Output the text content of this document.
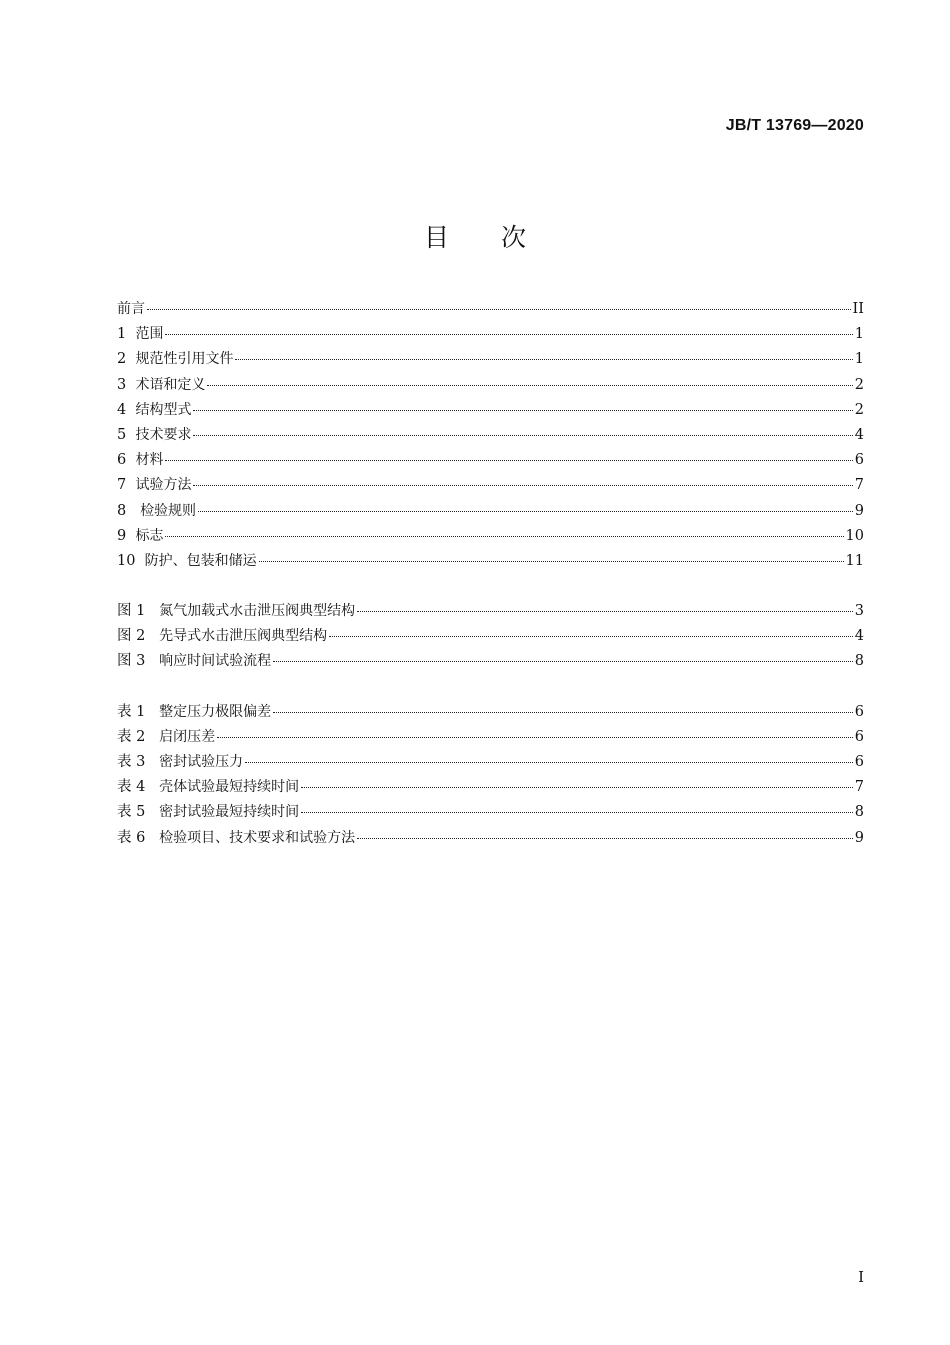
JB/T 13769—2020
目次
前言	II
1 范围	1
2 规范性引用文件	1
3 术语和定义	2
4 结构型式	2
5 技术要求	4
6 材料	6
7 试验方法	7
8 检验规则	9
9 标志	10
10 防护、包装和储运	11
图 1 氮气加载式水击泄压阀典型结构	3
图 2 先导式水击泄压阀典型结构	4
图 3 响应时间试验流程	8
表 1 整定压力极限偏差	6
表 2 启闭压差	6
表 3 密封试验压力	6
表 4 壳体试验最短持续时间	7
表 5 密封试验最短持续时间	8
表 6 检验项目、技术要求和试验方法	9
I
